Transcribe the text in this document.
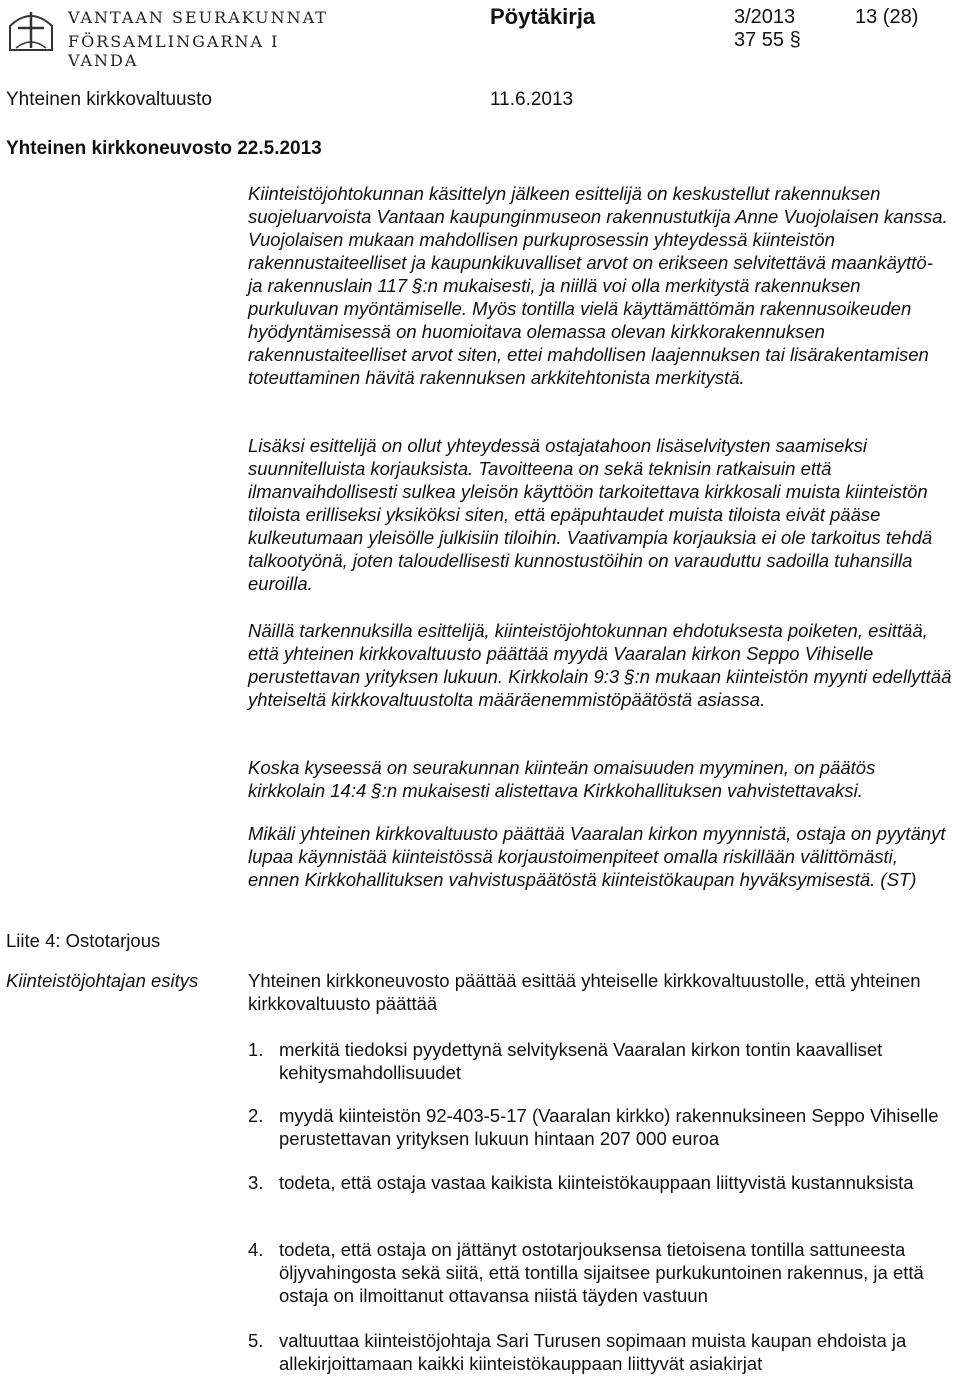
VANTAAN SEURAKUNNAT
FÖRSAMLINGARNA I VANDA
Pöytäkirja	3/2013	13 (28)
37 55 §
Yhteinen kirkkovaltuusto	11.6.2013
Yhteinen kirkkoneuvosto 22.5.2013

Kiinteistöjohtokunnan käsittelyn jälkeen esittelijä on keskustellut rakennuksen suojeluarvoista Vantaan kaupunginmuseon rakennustutkija Anne Vuojolaisen kanssa. Vuojolaisen mukaan mahdollisen purkuprosessin yhteydessä kiinteistön rakennustaiteelliset ja kaupunkikuvalliset arvot on erikseen selvitettävä maankäyttö- ja rakennuslain 117 §:n mukaisesti, ja niillä voi olla merkitystä rakennuksen purkuluvan myöntämiselle. Myös tontilla vielä käyttämättömän rakennusoikeuden hyödyntämisessä on huomioitava olemassa olevan kirkkorakennuksen rakennustaiteelliset arvot siten, ettei mahdollisen laajennuksen tai lisärakentamisen toteuttaminen hävitä rakennuksen arkkitehtonista merkitystä.

Lisäksi esittelijä on ollut yhteydessä ostajatahoon lisäselvitysten saamiseksi suunnitelluista korjauksista. Tavoitteena on sekä teknisin ratkaisuin että ilmanvaihdollisesti sulkea yleisön käyttöön tarkoitettava kirkkosali muista kiinteistön tiloista erilliseksi yksiköksi siten, että epäpuhtaudet muista tiloista eivät pääse kulkeutumaan yleisölle julkisiin tiloihin. Vaativampia korjauksia ei ole tarkoitus tehdä talkootyönä, joten taloudellisesti kunnostustöihin on varauduttu sadoilla tuhansilla euroilla.

Näillä tarkennuksilla esittelijä, kiinteistöjohtokunnan ehdotuksesta poiketen, esittää, että yhteinen kirkkovaltuusto päättää myydä Vaaralan kirkon Seppo Vihiselle perustettavan yrityksen lukuun. Kirkkolain 9:3 §:n mukaan kiinteistön myynti edellyttää yhteiseltä kirkkovaltuustolta määräenemmistöpäätöstä asiassa.

Koska kyseessä on seurakunnan kiinteän omaisuuden myyminen, on päätös kirkkolain 14:4 §:n mukaisesti alistettava Kirkkohallituksen vahvistettavaksi.

Mikäli yhteinen kirkkovaltuusto päättää Vaaralan kirkon myynnistä, ostaja on pyytänyt lupaa käynnistää kiinteistössä korjaustoimenpiteet omalla riskillään välittömästi, ennen Kirkkohallituksen vahvistuspäätöstä kiinteistökaupan hyväksymisestä. (ST)

Liite 4: Ostotarjous
Kiinteistöjohtajan esitys	Yhteinen kirkkoneuvosto päättää esittää yhteiselle kirkkovaltuustolle, että yhteinen kirkkovaltuusto päättää

1. merkitä tiedoksi pyydettynä selvityksenä Vaaralan kirkon tontin kaavalliset kehitysmahdollisuudet
2. myydä kiinteistön 92-403-5-17 (Vaaralan kirkko) rakennuksineen Seppo Vihiselle perustettavan yrityksen lukuun hintaan 207 000 euroa
3. todeta, että ostaja vastaa kaikista kiinteistökauppaan liittyvistä kustannuksista
4. todeta, että ostaja on jättänyt ostotarjouksensa tietoisena tontilla sattuneesta öljyvahingosta sekä siitä, että tontilla sijaitsee purkukuntoinen rakennus, ja että ostaja on ilmoittanut ottavansa niistä täyden vastuun
5. valtuuttaa kiinteistöjohtaja Sari Turusen sopimaan muista kaupan ehdoista ja allekirjoittamaan kaikki kiinteistökauppaan liittyvät asiakirjat
